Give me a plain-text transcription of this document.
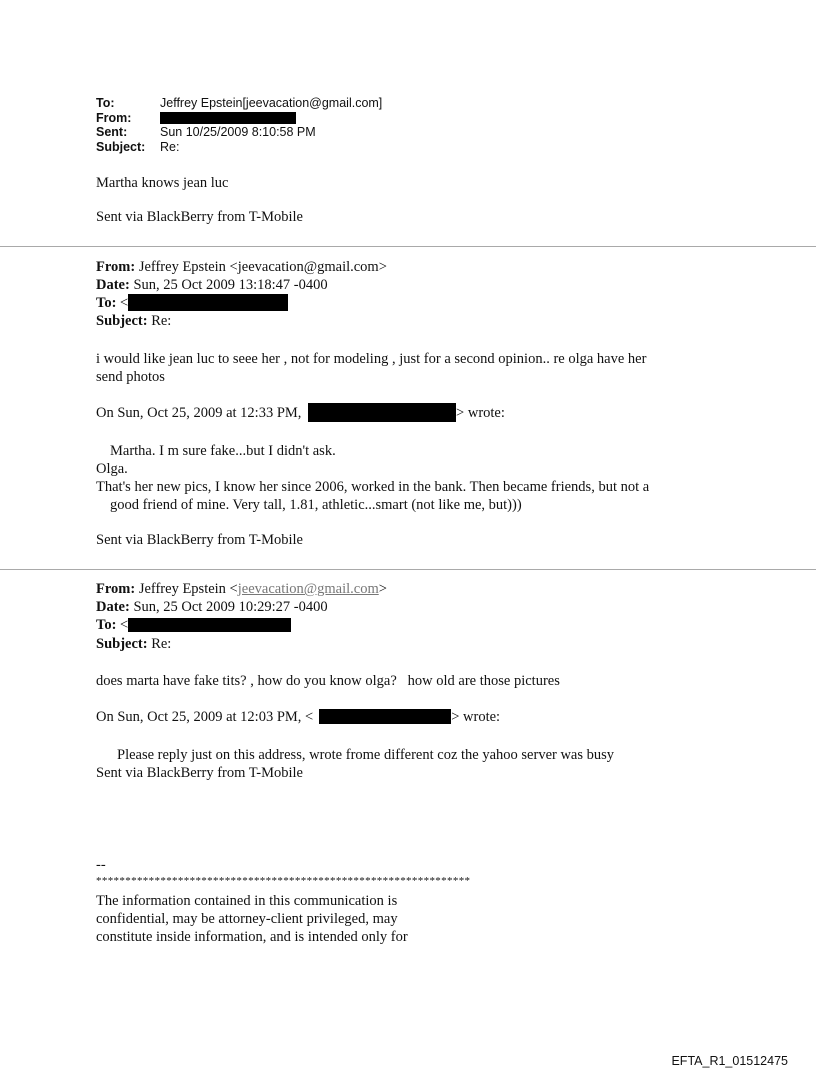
To:	Jeffrey Epstein[jeevacation@gmail.com]
From:
Sent:	Sun 10/25/2009 8:10:58 PM
Subject:	Re:
Martha knows jean luc
Sent via BlackBerry from T-Mobile
From: Jeffrey Epstein <jeevacation@gmail.com>
Date: Sun, 25 Oct 2009 13:18:47 -0400
To: <
Subject: Re:
i would like jean luc to seee her , not for modeling , just for a second opinion.. re olga have her
send photos
On Sun, Oct 25, 2009 at 12:33 PM,	> wrote:
Martha. I m sure fake...but I didn't ask.
Olga.
That's her new pics, I know her since 2006, worked in the bank. Then became friends, but not a
good friend of mine. Very tall, 1.81, athletic...smart (not like me, but)))
Sent via BlackBerry from T-Mobile
From: Jeffrey Epstein <jeevacation@gmail.com>
Date: Sun, 25 Oct 2009 10:29:27 -0400
To: <
Subject: Re:
does marta have fake tits? , how do you know olga?   how old are those pictures
On Sun, Oct 25, 2009 at 12:03 PM, <	> wrote:
Please reply just on this address, wrote frome different coz the yahoo server was busy
Sent via BlackBerry from T-Mobile
--
****************************************************************
The information contained in this communication is
confidential, may be attorney-client privileged, may
constitute inside information, and is intended only for
EFTA_R1_01512475
